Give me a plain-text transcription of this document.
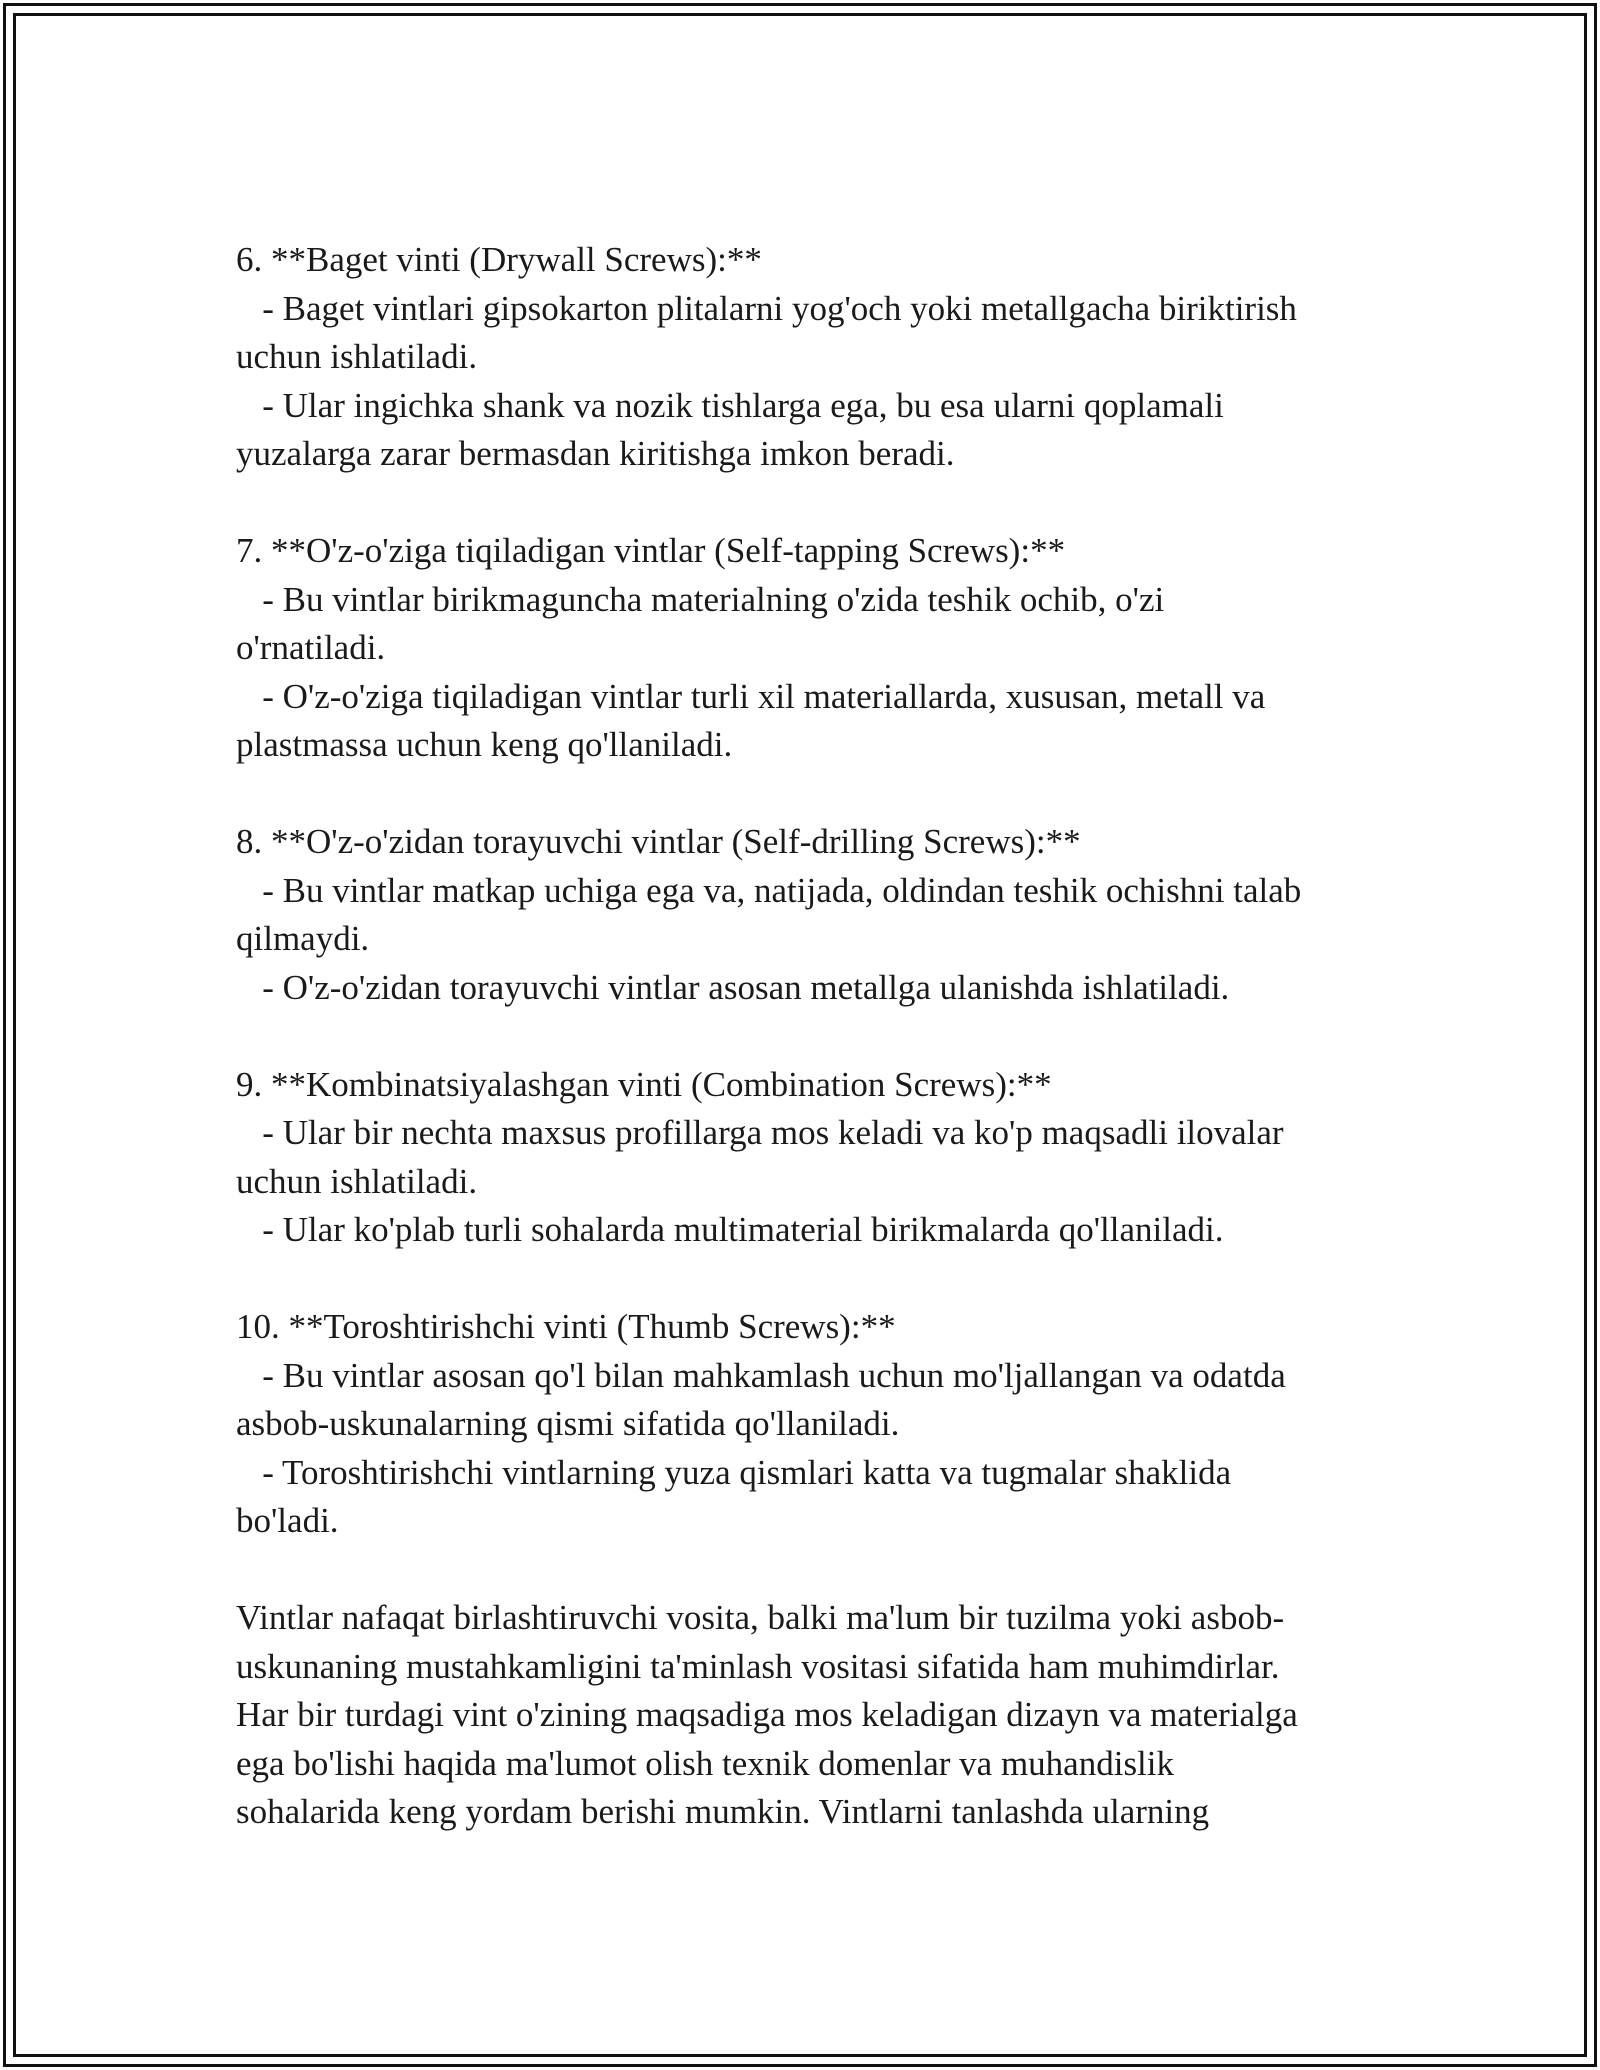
6. **Baget vinti (Drywall Screws):**

- Baget vintlari gipsokarton plitalarni yog'och yoki metallgacha biriktirish

uchun ishlatiladi.

- Ular ingichka shank va nozik tishlarga ega, bu esa ularni qoplamali

yuzalarga zarar bermasdan kiritishga imkon beradi.

7. **O'z-o'ziga tiqiladigan vintlar (Self-tapping Screws):**

- Bu vintlar birikmaguncha materialning o'zida teshik ochib, o'zi

o'rnatiladi.

- O'z-o'ziga tiqiladigan vintlar turli xil materiallarda, xususan, metall va

plastmassa uchun keng qo'llaniladi.

8. **O'z-o'zidan torayuvchi vintlar (Self-drilling Screws):**

- Bu vintlar matkap uchiga ega va, natijada, oldindan teshik ochishni talab

qilmaydi.

- O'z-o'zidan torayuvchi vintlar asosan metallga ulanishda ishlatiladi.

9. **Kombinatsiyalashgan vinti (Combination Screws):**

- Ular bir nechta maxsus profillarga mos keladi va ko'p maqsadli ilovalar

uchun ishlatiladi.

- Ular ko'plab turli sohalarda multimaterial birikmalarda qo'llaniladi.

10. **Toroshtirishchi vinti (Thumb Screws):**

- Bu vintlar asosan qo'l bilan mahkamlash uchun mo'ljallangan va odatda

asbob-uskunalarning qismi sifatida qo'llaniladi.

- Toroshtirishchi vintlarning yuza qismlari katta va tugmalar shaklida

bo'ladi.

Vintlar nafaqat birlashtiruvchi vosita, balki ma'lum bir tuzilma yoki asbob-

uskunaning mustahkamligini ta'minlash vositasi sifatida ham muhimdirlar.

Har bir turdagi vint o'zining maqsadiga mos keladigan dizayn va materialga

ega bo'lishi haqida ma'lumot olish texnik domenlar va muhandislik

sohalarida keng yordam berishi mumkin. Vintlarni tanlashda ularning
